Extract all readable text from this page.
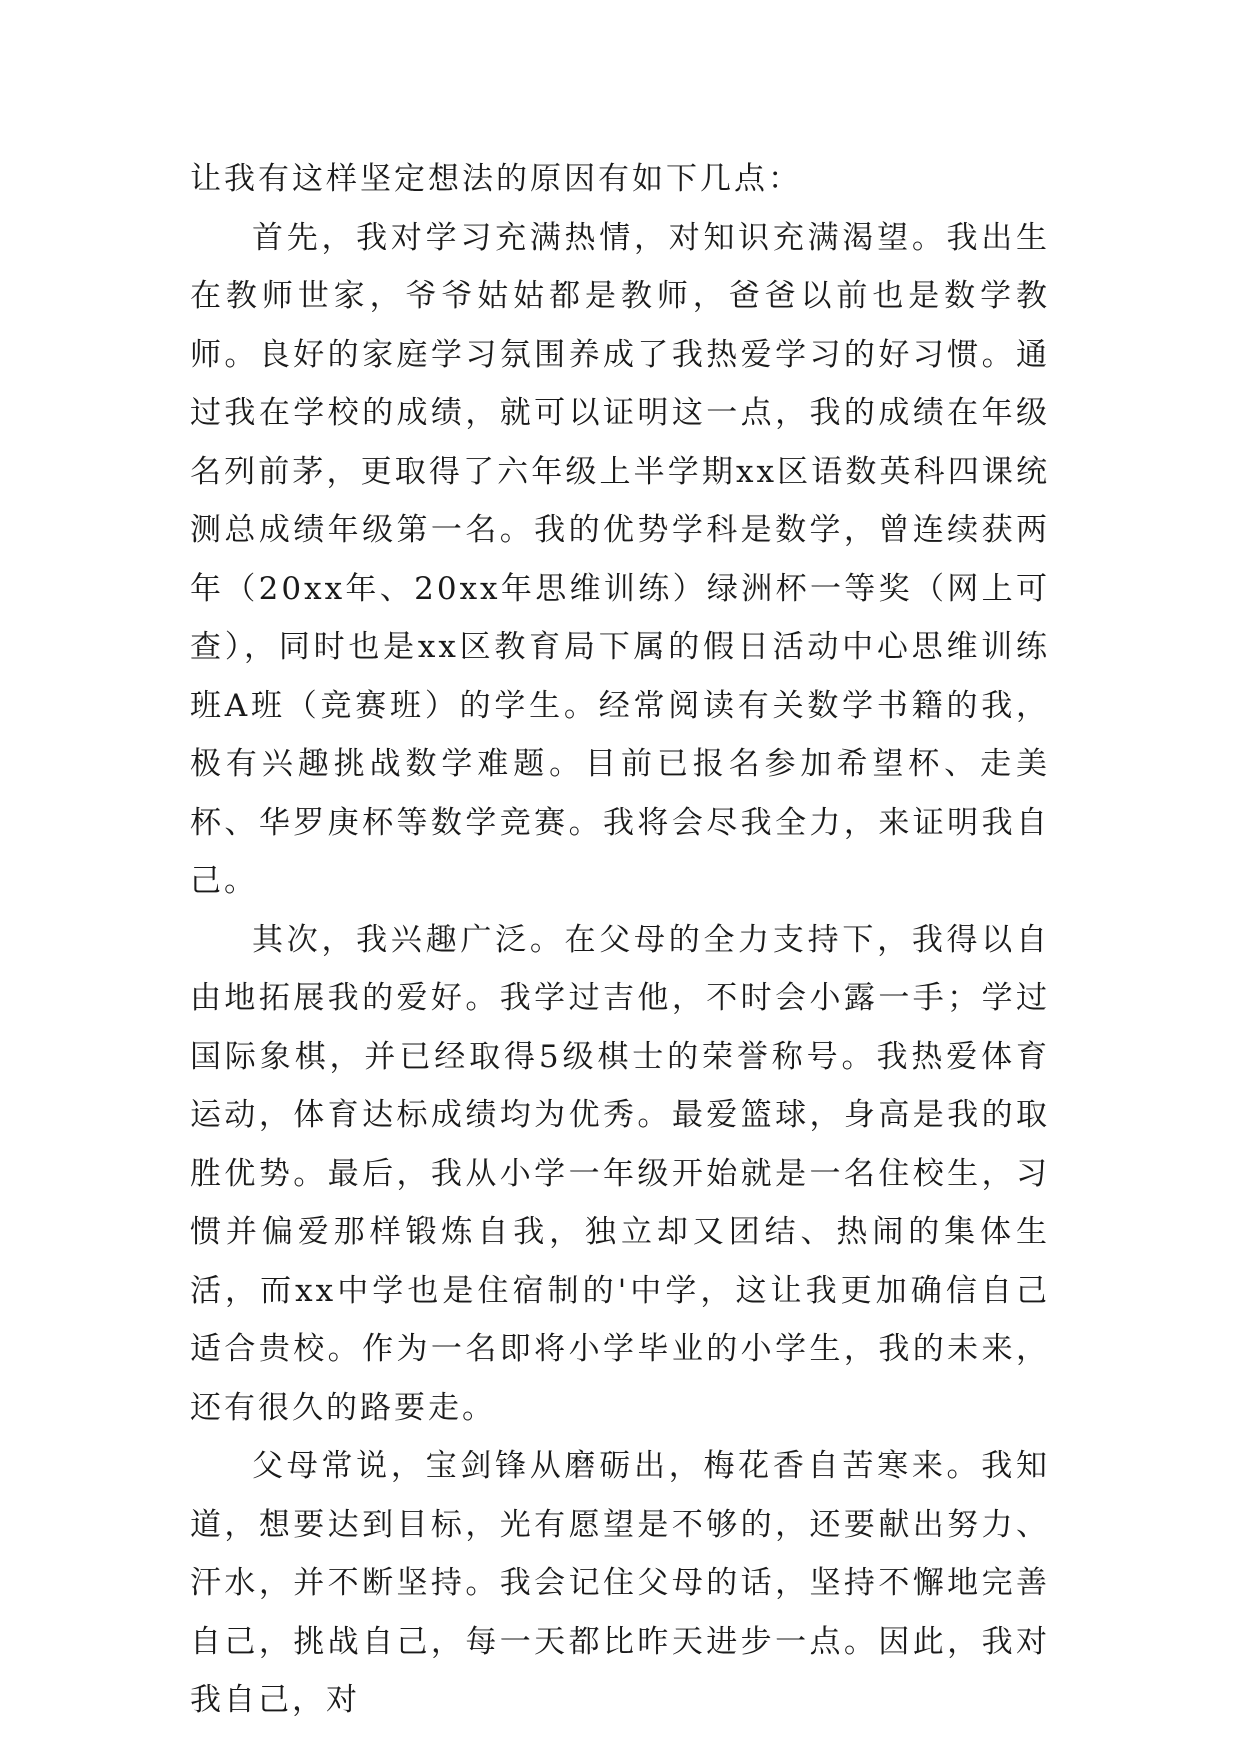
让我有这样坚定想法的原因有如下几点：

首先，我对学习充满热情，对知识充满渴望。我出生在教师世家，爷爷姑姑都是教师，爸爸以前也是数学教师。良好的家庭学习氛围养成了我热爱学习的好习惯。通过我在学校的成绩，就可以证明这一点，我的成绩在年级名列前茅，更取得了六年级上半学期xx区语数英科四课统测总成绩年级第一名。我的优势学科是数学，曾连续获两年（20xx年、20xx年思维训练）绿洲杯一等奖（网上可查），同时也是xx区教育局下属的假日活动中心思维训练班A班（竞赛班）的学生。经常阅读有关数学书籍的我，极有兴趣挑战数学难题。目前已报名参加希望杯、走美杯、华罗庚杯等数学竞赛。我将会尽我全力，来证明我自己。

其次，我兴趣广泛。在父母的全力支持下，我得以自由地拓展我的爱好。我学过吉他，不时会小露一手；学过国际象棋，并已经取得5级棋士的荣誉称号。我热爱体育运动，体育达标成绩均为优秀。最爱篮球，身高是我的取胜优势。最后，我从小学一年级开始就是一名住校生，习惯并偏爱那样锻炼自我，独立却又团结、热闹的集体生活，而xx中学也是住宿制的'中学，这让我更加确信自己适合贵校。作为一名即将小学毕业的小学生，我的未来，还有很久的路要走。

父母常说，宝剑锋从磨砺出，梅花香自苦寒来。我知道，想要达到目标，光有愿望是不够的，还要献出努力、汗水，并不断坚持。我会记住父母的话，坚持不懈地完善自己，挑战自己，每一天都比昨天进步一点。因此，我对我自己，对
